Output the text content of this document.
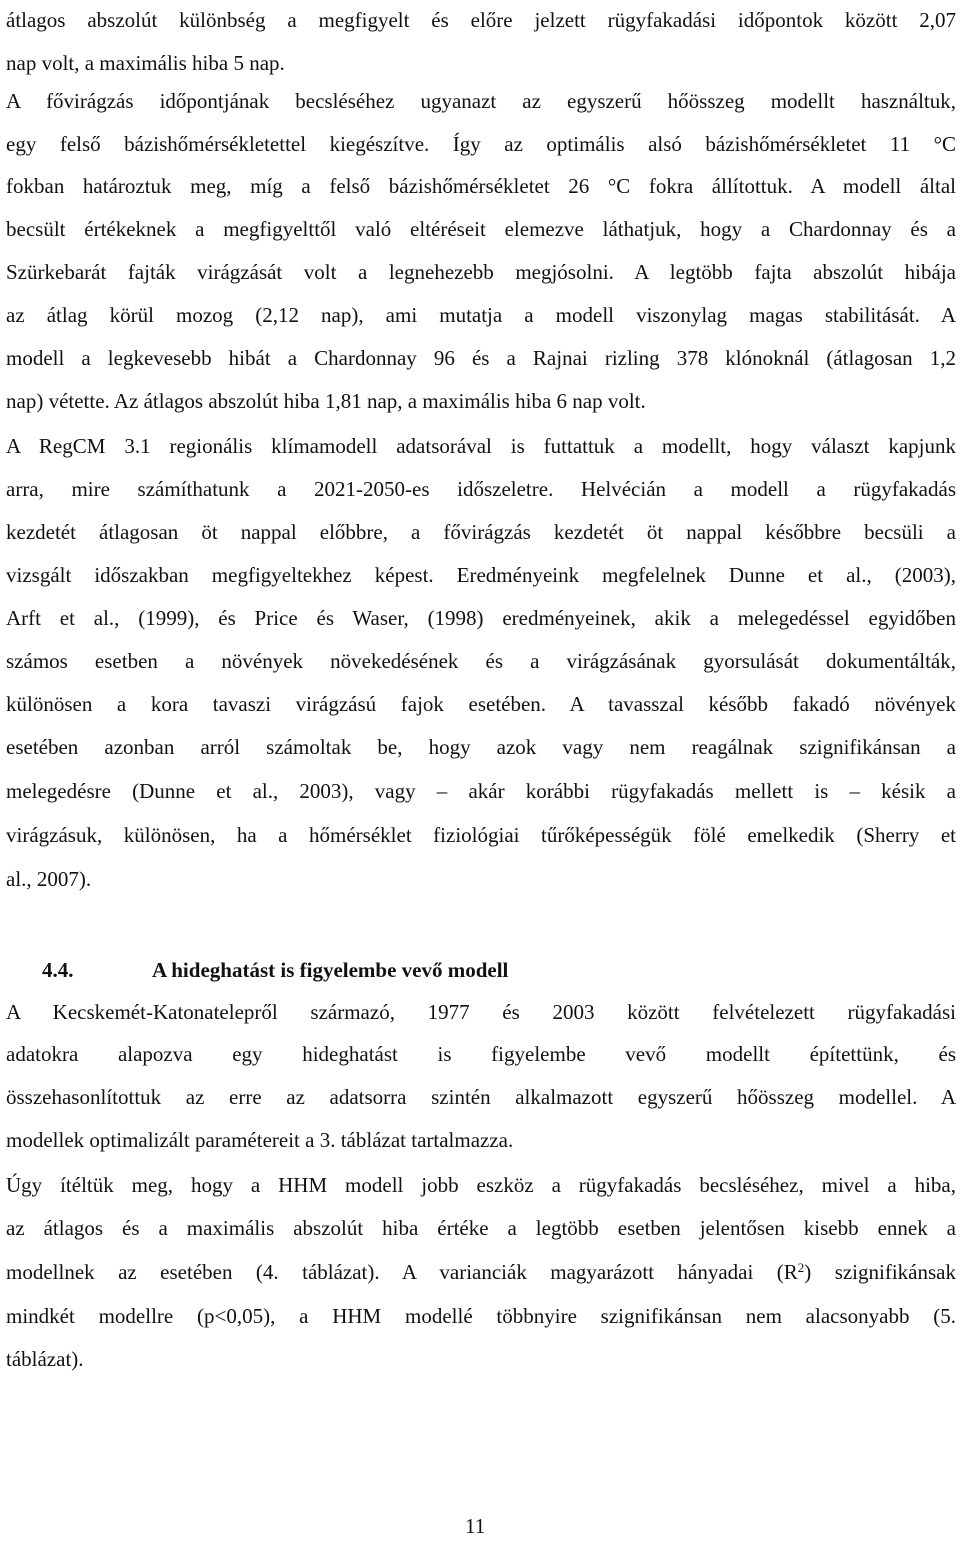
átlagos abszolút különbség a megfigyelt és előre jelzett rügyfakadási időpontok között 2,07
nap volt, a maximális hiba 5 nap.
A fővirágzás időpontjának becsléséhez ugyanazt az egyszerű hőösszeg modellt használtuk,
egy felső bázishőmérsékletettel kiegészítve. Így az optimális alsó bázishőmérsékletet 11 °C
fokban határoztuk meg, míg a felső bázishőmérsékletet 26 °C fokra állítottuk. A modell által
becsült értékeknek a megfigyelttől való eltéréseit elemezve láthatjuk, hogy a Chardonnay és a
Szürkebarát fajták virágzását volt a legnehezebb megjósolni. A legtöbb fajta abszolút hibája
az átlag körül mozog (2,12 nap), ami mutatja a modell viszonylag magas stabilitását. A
modell a legkevesebb hibát a Chardonnay 96 és a Rajnai rizling 378 klónoknál (átlagosan 1,2
nap) vétette. Az átlagos abszolút hiba 1,81 nap, a maximális hiba 6 nap volt.
A RegCM 3.1 regionális klímamodell adatsorával is futtattuk a modellt, hogy választ kapjunk
arra, mire számíthatunk a 2021-2050-es időszeletre. Helvécián a modell a rügyfakadás
kezdetét átlagosan öt nappal előbbre, a fővirágzás kezdetét öt nappal későbbre becsüli a
vizsgált időszakban megfigyeltekhez képest. Eredményeink megfelelnek Dunne et al., (2003),
Arft et al., (1999), és Price és Waser, (1998) eredményeinek, akik a melegedéssel egyidőben
számos esetben a növények növekedésének és a virágzásának gyorsulását dokumentálták,
különösen a kora tavaszi virágzású fajok esetében. A tavasszal később fakadó növények
esetében azonban arról számoltak be, hogy azok vagy nem reagálnak szignifikánsan a
melegedésre (Dunne et al., 2003), vagy – akár korábbi rügyfakadás mellett is – késik a
virágzásuk, különösen, ha a hőmérséklet fiziológiai tűrőképességük fölé emelkedik (Sherry et
al., 2007).
4.4.	A hideghatást is figyelembe vevő modell
A Kecskemét-Katonatelepről származó, 1977 és 2003 között felvételezett rügyfakadási
adatokra alapozva egy hideghatást is figyelembe vevő modellt építettünk, és
összehasonlítottuk az erre az adatsorra szintén alkalmazott egyszerű hőösszeg modellel. A
modellek optimalizált paramétereit a 3. táblázat tartalmazza.
Úgy ítéltük meg, hogy a HHM modell jobb eszköz a rügyfakadás becsléséhez, mivel a hiba,
az átlagos és a maximális abszolút hiba értéke a legtöbb esetben jelentősen kisebb ennek a
modellnek az esetében (4. táblázat). A varianciák magyarázott hányadai $(R^2)$ szignifikánsak
mindkét modellre (p<0,05), a HHM modellé többnyire szignifikánsan nem alacsonyabb (5.
táblázat).
11
